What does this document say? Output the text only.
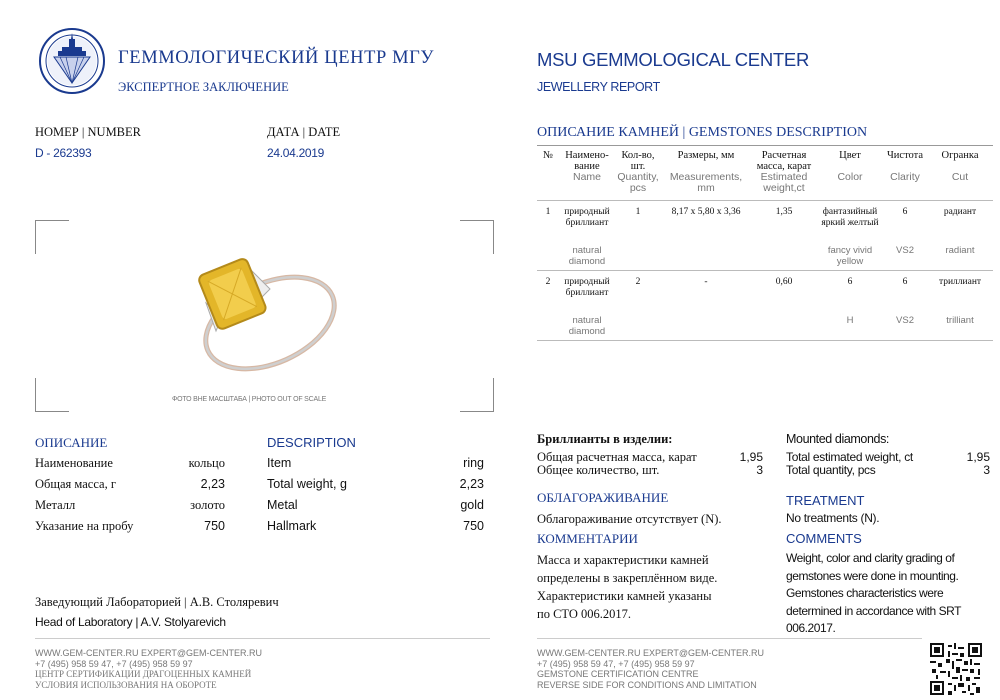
ГЕММОЛОГИЧЕСКИЙ ЦЕНТР МГУ
ЭКСПЕРТНОЕ ЗАКЛЮЧЕНИЕ
MSU GEMMOLOGICAL CENTER
JEWELLERY REPORT
НОМЕР | NUMBER
D - 262393
ДАТА | DATE
24.04.2019
ФОТО ВНЕ МАСШТАБА | PHOTO OUT OF SCALE
ОПИСАНИЕ КАМНЕЙ | GEMSTONES DESCRIPTION
№	Наимено-вание	Кол-во, шт.	Размеры, мм	Расчетная масса, карат	Цвет	Чистота	Огранка
	Name	Quantity, pcs	Measurements, mm	Estimated weight,ct	Color	Clarity	Cut
1	природный бриллиант	1	8,17 x 5,80 x 3,36	1,35	фантазийный яркий желтый	6	радиант
	natural diamond				fancy vivid yellow	VS2	radiant
2	природный бриллиант	2	-	0,60	6	6	триллиант
	natural diamond				H	VS2	trilliant
ОПИСАНИЕ
Наименование	кольцо
Общая масса, г	2,23
Металл	золото
Указание на пробу	750
DESCRIPTION
Item	ring
Total weight, g	2,23
Metal	gold
Hallmark	750
Бриллианты в изделии:
Общая расчетная масса, карат	1,95
Общее количество, шт.	3
Mounted diamonds:
Total estimated weight, ct	1,95
Total quantity, pcs	3
ОБЛАГОРАЖИВАНИЕ
Облагораживание отсутствует (N).
TREATMENT
No treatments (N).
КОММЕНТАРИИ
Масса и характеристики камней
определены в закреплённом виде.
Характеристики камней указаны
по СТО 006.2017.
COMMENTS
Weight, color and clarity grading of
gemstones were done in mounting.
Gemstones characteristics were
determined in accordance with SRT
006.2017.
Заведующий Лабораторией | А.В. Столяревич
Head of Laboratory | A.V. Stolyarevich
WWW.GEM-CENTER.RU EXPERT@GEM-CENTER.RU
+7 (495) 958 59 47, +7 (495) 958 59 97
ЦЕНТР СЕРТИФИКАЦИИ ДРАГОЦЕННЫХ КАМНЕЙ
УСЛОВИЯ ИСПОЛЬЗОВАНИЯ НА ОБОРОТЕ
WWW.GEM-CENTER.RU EXPERT@GEM-CENTER.RU
+7 (495) 958 59 47, +7 (495) 958 59 97
GEMSTONE CERTIFICATION CENTRE
REVERSE SIDE FOR CONDITIONS AND LIMITATION
